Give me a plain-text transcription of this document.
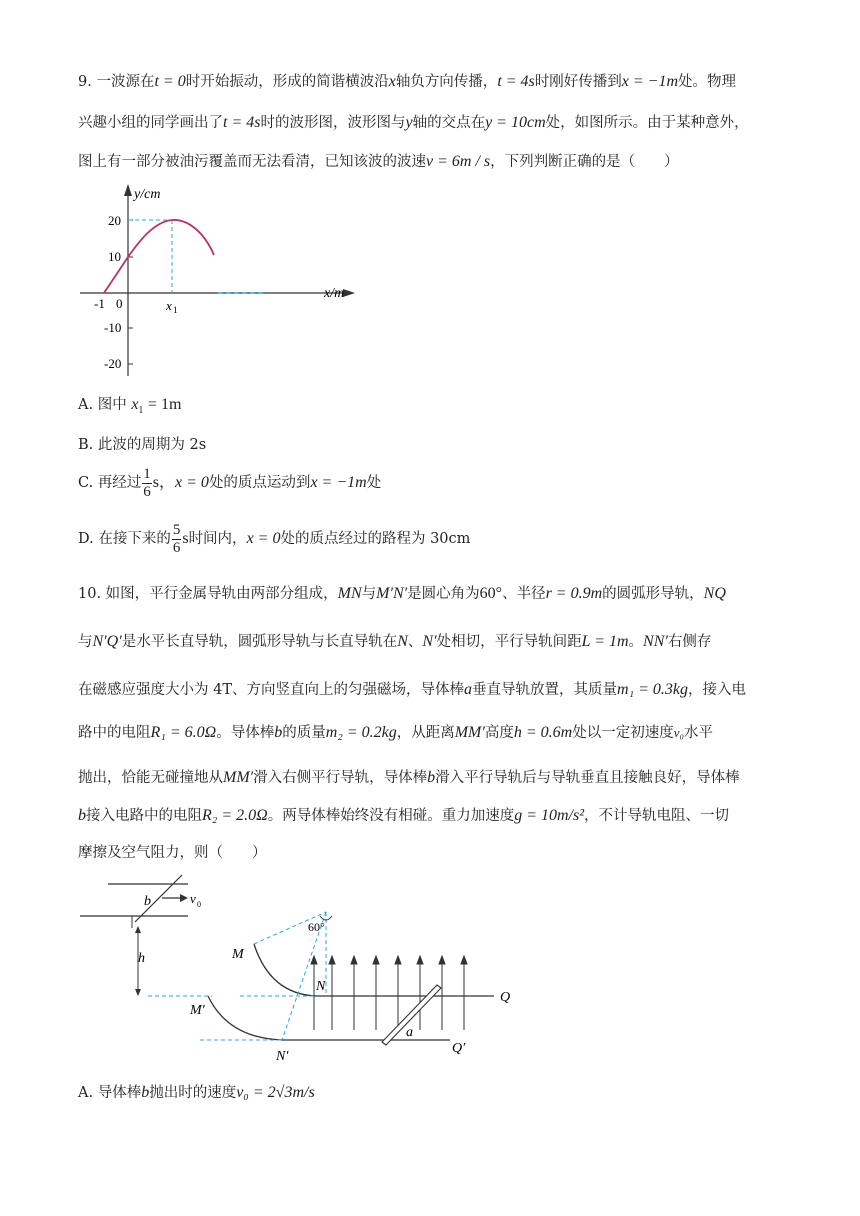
9. 一波源在t = 0时开始振动，形成的简谐横波沿x轴负方向传播，t = 4s时刚好传播到x = −1m处。物理
兴趣小组的同学画出了t = 4s时的波形图，波形图与y轴的交点在y = 10cm处，如图所示。由于某种意外，
图上有一部分被油污覆盖而无法看清，已知该波的波速v = 6m / s，下列判断正确的是（　　）
y/cm
x/m
20
10
-10
-20
-1 0	x 1
A. 图中 $x_1 = 1m$
B. 此波的周期为 2s
C. 再经过 $\frac{1}{6}$ s，x = 0处的质点运动到x = −1m处
D. 在接下来的 $\frac{5}{6}$ s时间内，x = 0处的质点经过的路程为 30cm
10. 如图，平行金属导轨由两部分组成，MN与M′N′是圆心角为60°、半径r = 0.9m的圆弧形导轨，NQ
与N′Q′是水平长直导轨，圆弧形导轨与长直导轨在N、N′处相切，平行导轨间距L = 1m。NN′右侧存
在磁感应强度大小为 4T、方向竖直向上的匀强磁场，导体棒a垂直导轨放置，其质量m₁ = 0.3kg，接入电
路中的电阻R₁ = 6.0Ω。导体棒b的质量m₂ = 0.2kg，从距离MM′高度h = 0.6m处以一定初速度v₀水平
抛出，恰能无碰撞地从MM′滑入右侧平行导轨，导体棒b滑入平行导轨后与导轨垂直且接触良好，导体棒
b接入电路中的电阻R₂ = 2.0Ω。两导体棒始终没有相碰。重力加速度g = 10m/s²，不计导轨电阻、一切
摩擦及空气阻力，则（　　）
b	v 0
h
60°
M
M′
N
N′
Q
Q′
a
A. 导体棒b抛出时的速度v₀ = 2√3m/s
